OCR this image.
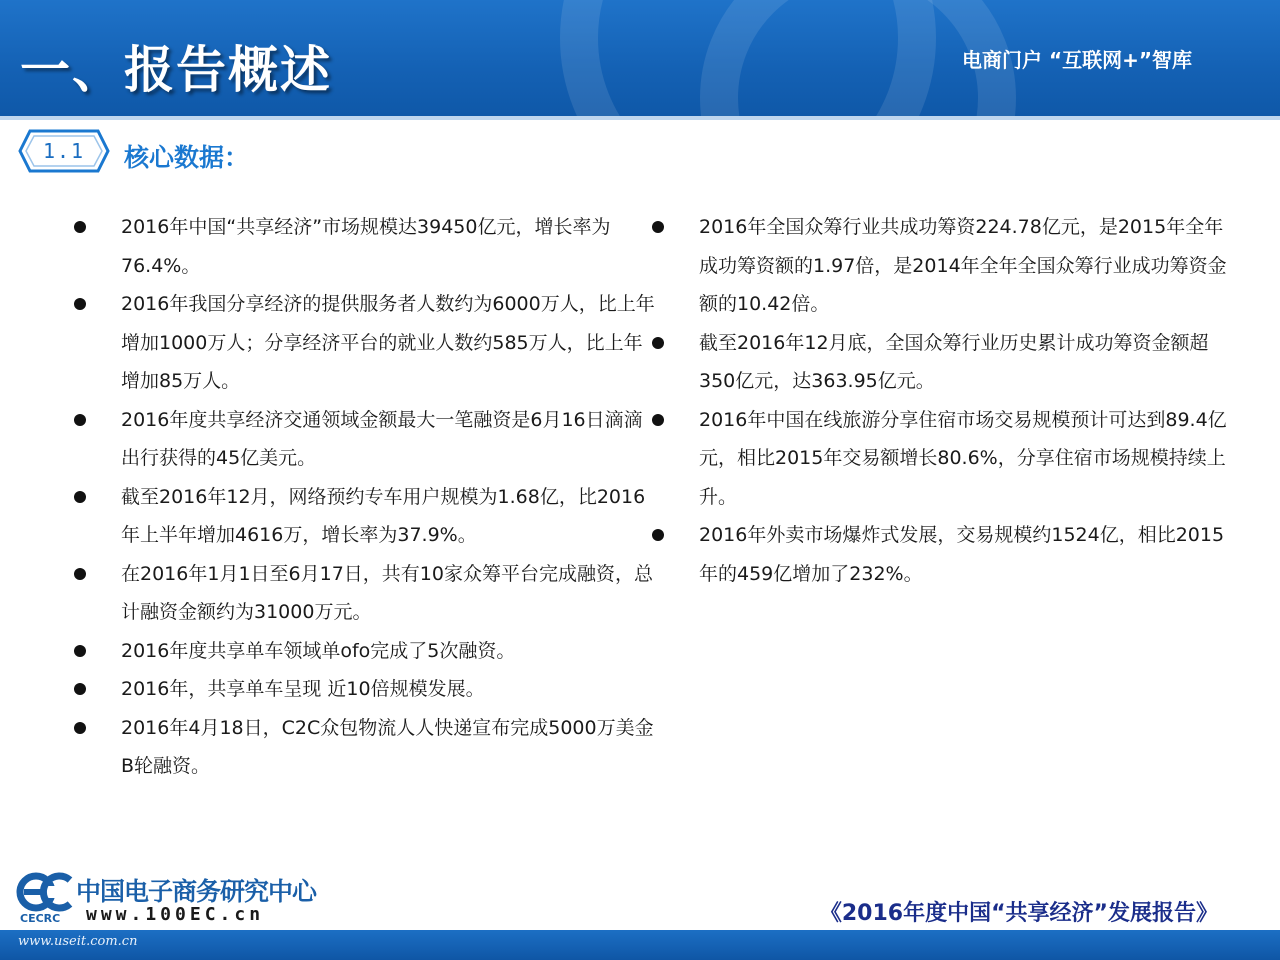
一、报告概述	电商门户 “互联网+”智库
1.1	核心数据：
2016年中国“共享经济”市场规模达39450亿元，增长率为76.4%。
2016年我国分享经济的提供服务者人数约为6000万人，比上年增加1000万人；分享经济平台的就业人数约585万人，比上年增加85万人。
2016年度共享经济交通领域金额最大一笔融资是6月16日滴滴出行获得的45亿美元。
截至2016年12月，网络预约专车用户规模为1.68亿，比2016年上半年增加4616万，增长率为37.9%。
在2016年1月1日至6月17日，共有10家众筹平台完成融资，总计融资金额约为31000万元。
2016年度共享单车领域单ofo完成了5次融资。
2016年，共享单车呈现 近10倍规模发展。
2016年4月18日，C2C众包物流人人快递宣布完成5000万美金B轮融资。
2016年全国众筹行业共成功筹资224.78亿元，是2015年全年成功筹资额的1.97倍，是2014年全年全国众筹行业成功筹资金额的10.42倍。
截至2016年12月底，全国众筹行业历史累计成功筹资金额超350亿元，达363.95亿元。
2016年中国在线旅游分享住宿市场交易规模预计可达到89.4亿元，相比2015年交易额增长80.6%，分享住宿市场规模持续上升。
2016年外卖市场爆炸式发展，交易规模约1524亿，相比2015年的459亿增加了232%。
CECRC
中国电子商务研究中心
www.100EC.cn	《2016年度中国“共享经济”发展报告》
www.useit.com.cn
